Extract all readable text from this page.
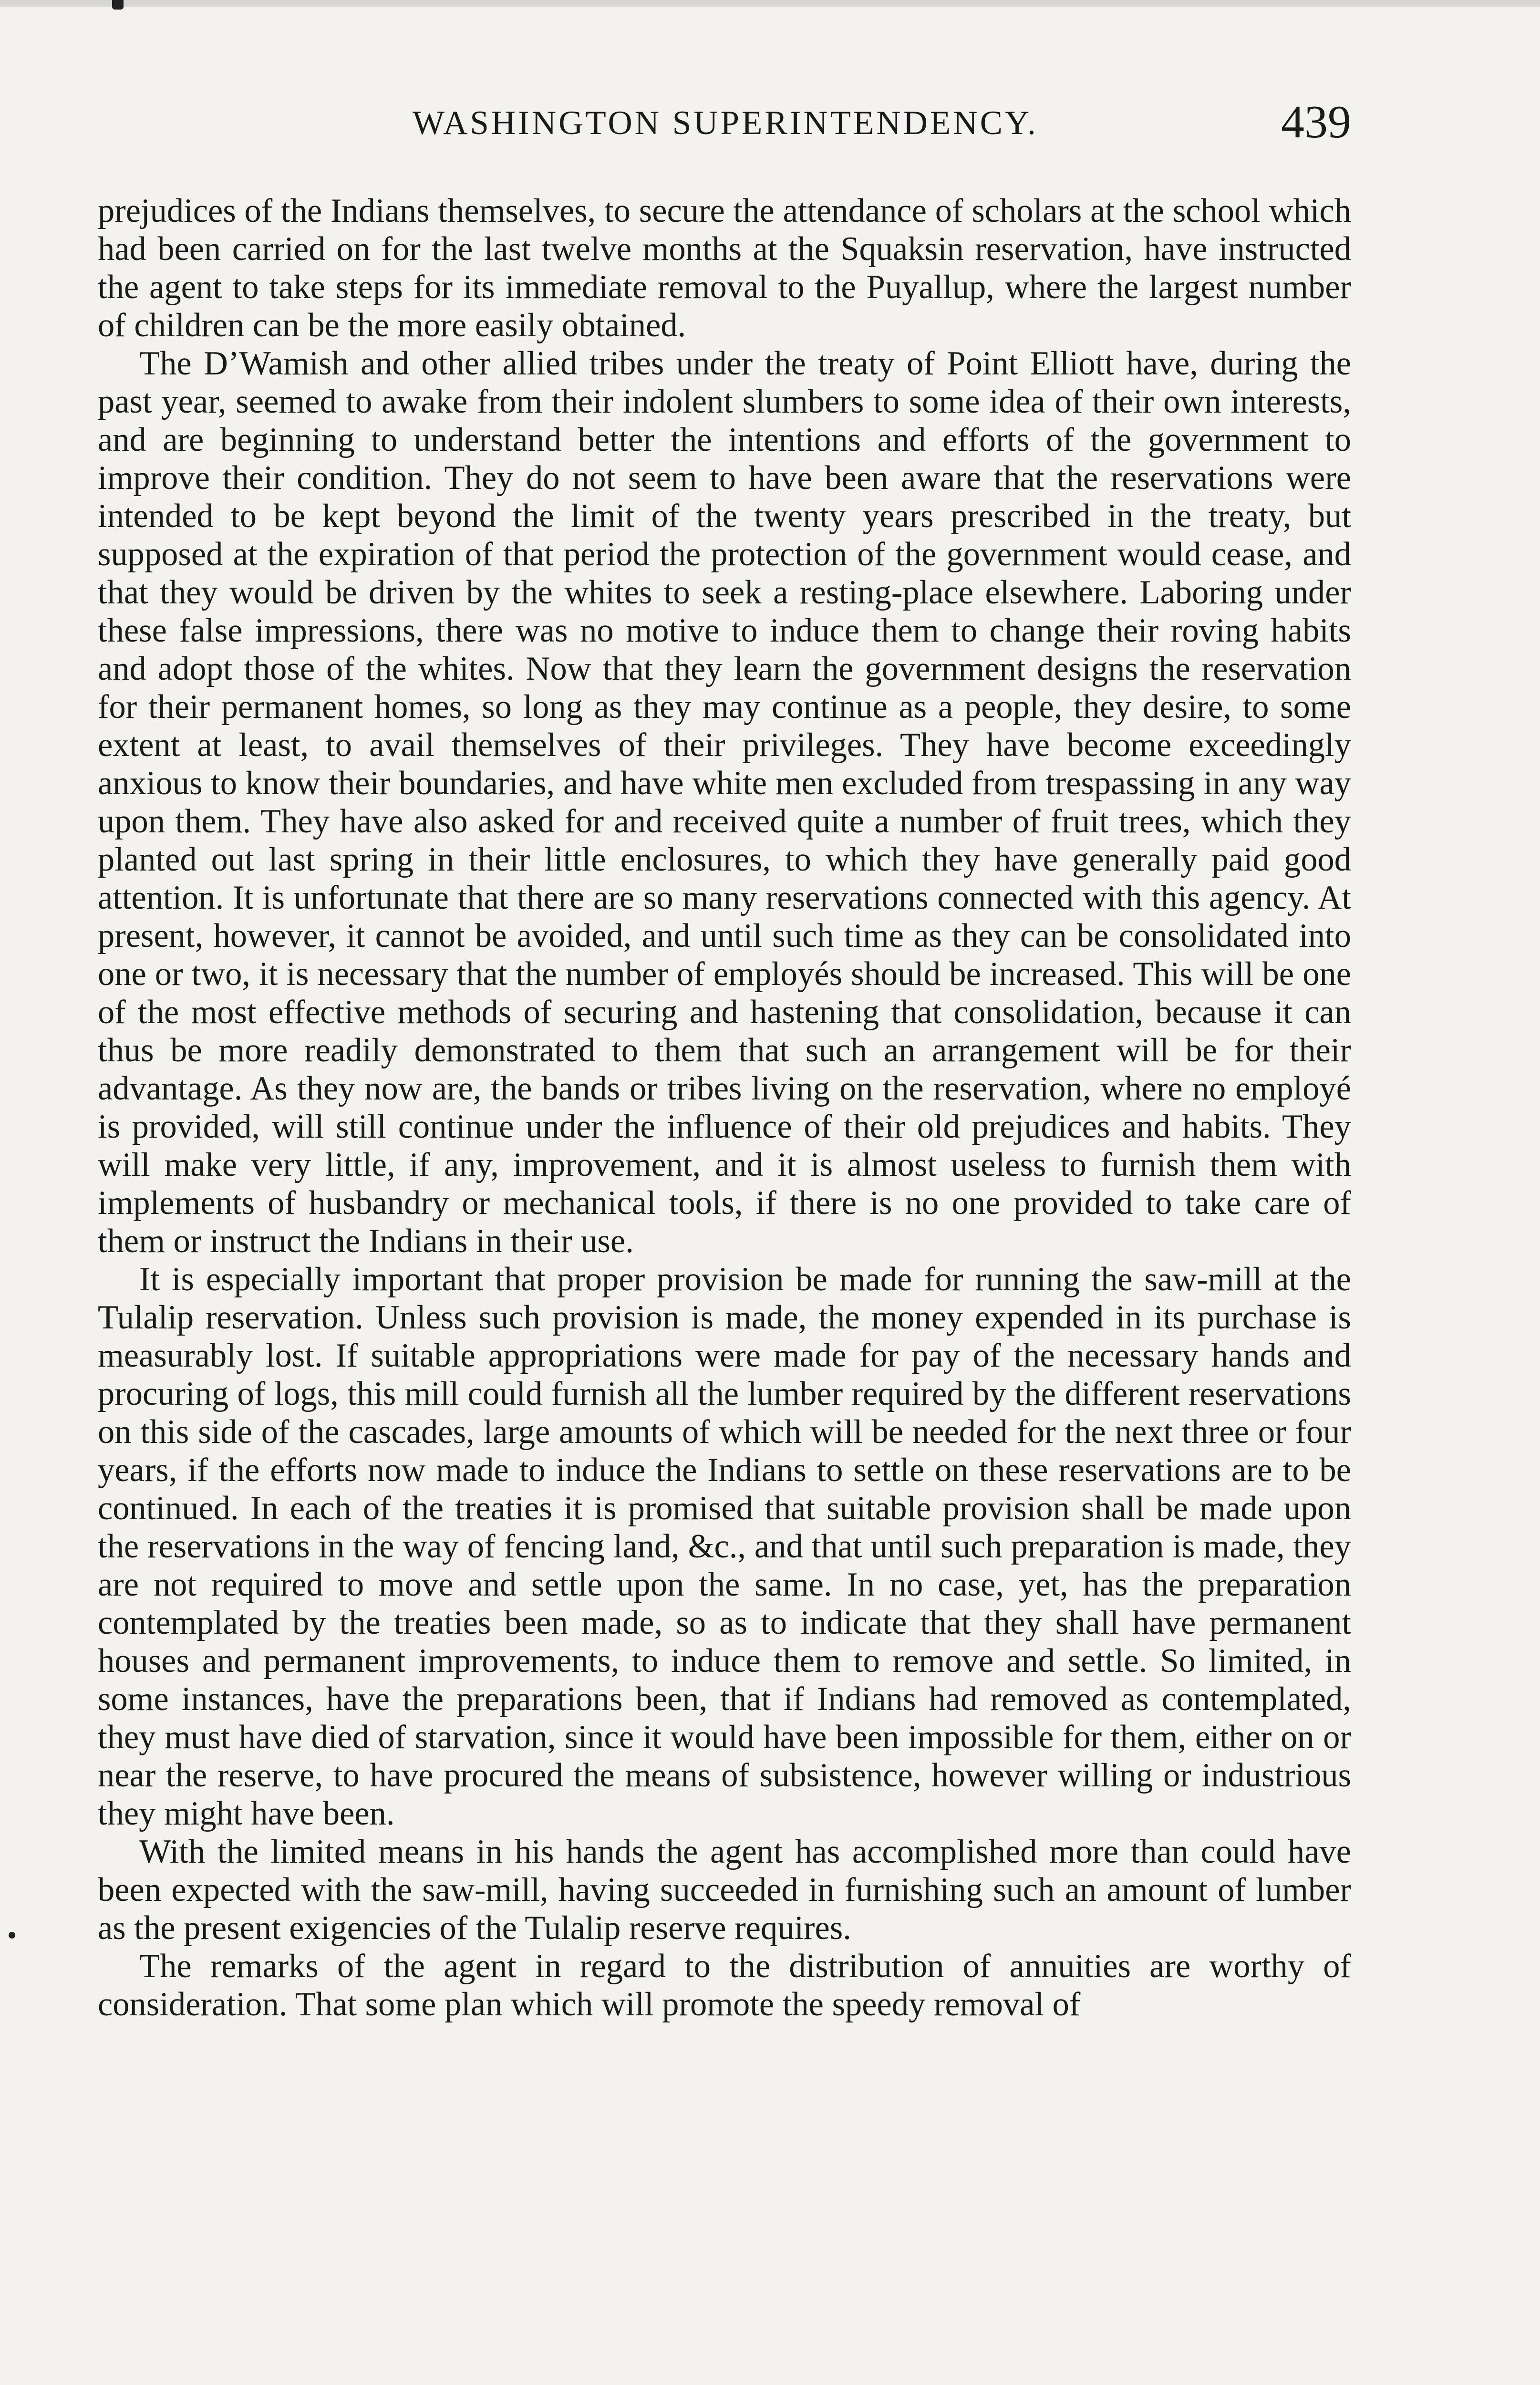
WASHINGTON SUPERINTENDENCY.	439

prejudices of the Indians themselves, to secure the attendance of scholars at the school which had been carried on for the last twelve months at the Squaksin reservation, have instructed the agent to take steps for its immediate removal to the Puyallup, where the largest number of children can be the more easily obtained.

The D’Wamish and other allied tribes under the treaty of Point Elliott have, during the past year, seemed to awake from their indolent slumbers to some idea of their own interests, and are beginning to understand better the intentions and efforts of the government to improve their condition. They do not seem to have been aware that the reservations were intended to be kept beyond the limit of the twenty years prescribed in the treaty, but supposed at the expiration of that period the protection of the government would cease, and that they would be driven by the whites to seek a resting-place elsewhere. Laboring under these false impressions, there was no motive to induce them to change their roving habits and adopt those of the whites. Now that they learn the government designs the reservation for their permanent homes, so long as they may continue as a people, they desire, to some extent at least, to avail themselves of their privileges. They have become exceedingly anxious to know their boundaries, and have white men excluded from trespassing in any way upon them. They have also asked for and received quite a number of fruit trees, which they planted out last spring in their little enclosures, to which they have generally paid good attention. It is unfortunate that there are so many reservations connected with this agency. At present, however, it cannot be avoided, and until such time as they can be consolidated into one or two, it is necessary that the number of employés should be increased. This will be one of the most effective methods of securing and hastening that consolidation, because it can thus be more readily demonstrated to them that such an arrangement will be for their advantage. As they now are, the bands or tribes living on the reservation, where no employé is provided, will still continue under the influence of their old prejudices and habits. They will make very little, if any, improvement, and it is almost useless to furnish them with implements of husbandry or mechanical tools, if there is no one provided to take care of them or instruct the Indians in their use.

It is especially important that proper provision be made for running the saw-mill at the Tulalip reservation. Unless such provision is made, the money expended in its purchase is measurably lost. If suitable appropriations were made for pay of the necessary hands and procuring of logs, this mill could furnish all the lumber required by the different reservations on this side of the cascades, large amounts of which will be needed for the next three or four years, if the efforts now made to induce the Indians to settle on these reservations are to be continued. In each of the treaties it is promised that suitable provision shall be made upon the reservations in the way of fencing land, &c., and that until such preparation is made, they are not required to move and settle upon the same. In no case, yet, has the preparation contemplated by the treaties been made, so as to indicate that they shall have permanent houses and permanent improvements, to induce them to remove and settle. So limited, in some instances, have the preparations been, that if Indians had removed as contemplated, they must have died of starvation, since it would have been impossible for them, either on or near the reserve, to have procured the means of subsistence, however willing or industrious they might have been.

With the limited means in his hands the agent has accomplished more than could have been expected with the saw-mill, having succeeded in furnishing such an amount of lumber as the present exigencies of the Tulalip reserve requires.

The remarks of the agent in regard to the distribution of annuities are worthy of consideration. That some plan which will promote the speedy removal of
